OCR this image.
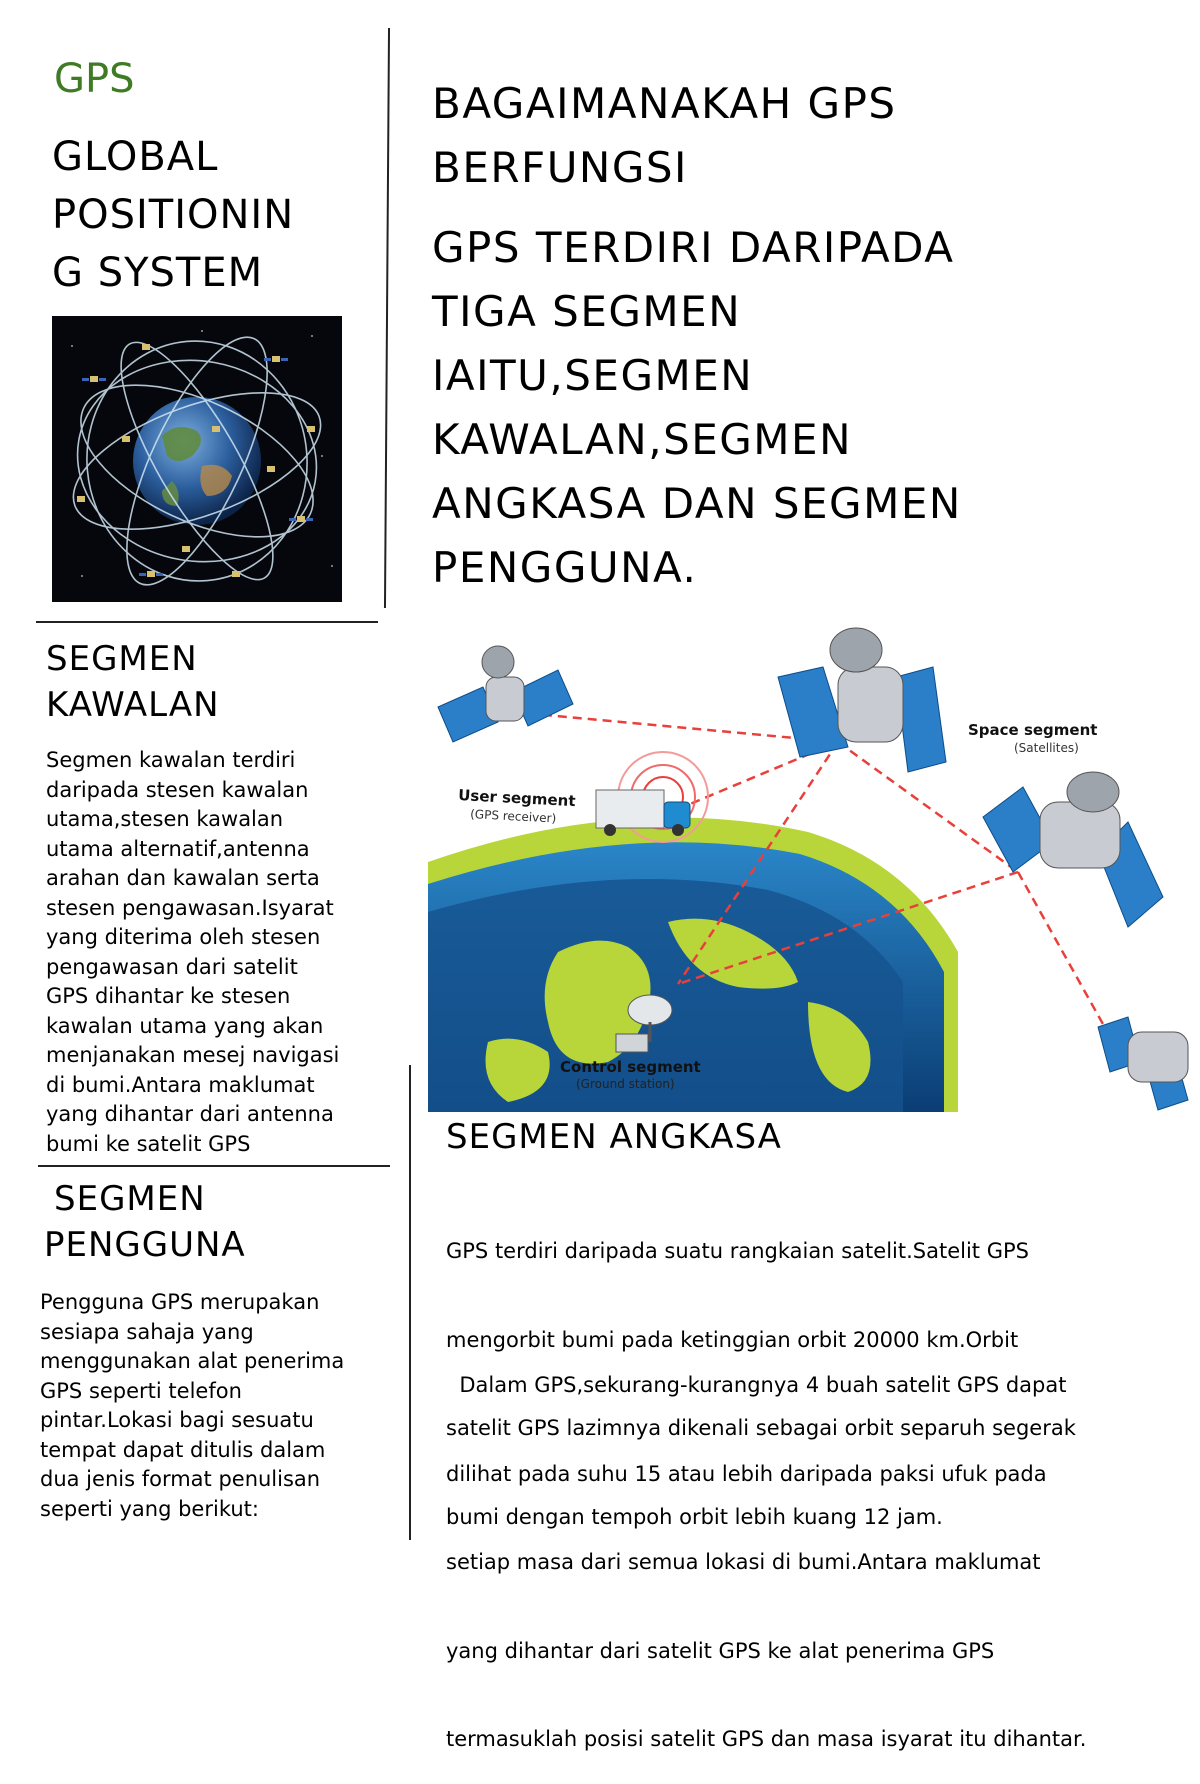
GPS
GLOBAL
POSITIONIN
G SYSTEM
BAGAIMANAKAH GPS
BERFUNGSI
GPS TERDIRI DARIPADA
TIGA SEGMEN
IAITU,SEGMEN
KAWALAN,SEGMEN
ANGKASA DAN SEGMEN
PENGGUNA.
SEGMEN
KAWALAN
Segmen kawalan terdiri
daripada stesen kawalan
utama,stesen kawalan
utama alternatif,antenna
arahan dan kawalan serta
stesen pengawasan.Isyarat
yang diterima oleh stesen
pengawasan dari satelit
GPS dihantar ke stesen
kawalan utama yang akan
menjanakan mesej navigasi
di bumi.Antara maklumat
yang dihantar dari antenna
bumi ke satelit GPS
SEGMEN
PENGGUNA
Pengguna GPS merupakan
sesiapa sahaja yang
menggunakan alat penerima
GPS seperti telefon
pintar.Lokasi bagi sesuatu
tempat dapat ditulis dalam
dua jenis format penulisan
seperti yang berikut:
Space segment
(Satellites)
User segment
(GPS receiver)
Control segment
(Ground station)
SEGMEN ANGKASA

GPS terdiri daripada suatu rangkaian satelit.Satelit GPS

mengorbit bumi pada ketinggian orbit 20000 km.Orbit

satelit GPS lazimnya dikenali sebagai orbit separuh segerak

bumi dengan tempoh orbit lebih kuang 12 jam.

Dalam GPS,sekurang-kurangnya 4 buah satelit GPS dapat

dilihat pada suhu 15 atau lebih daripada paksi ufuk pada

setiap masa dari semua lokasi di bumi.Antara maklumat

yang dihantar dari satelit GPS ke alat penerima GPS

termasuklah posisi satelit GPS dan masa isyarat itu dihantar.
